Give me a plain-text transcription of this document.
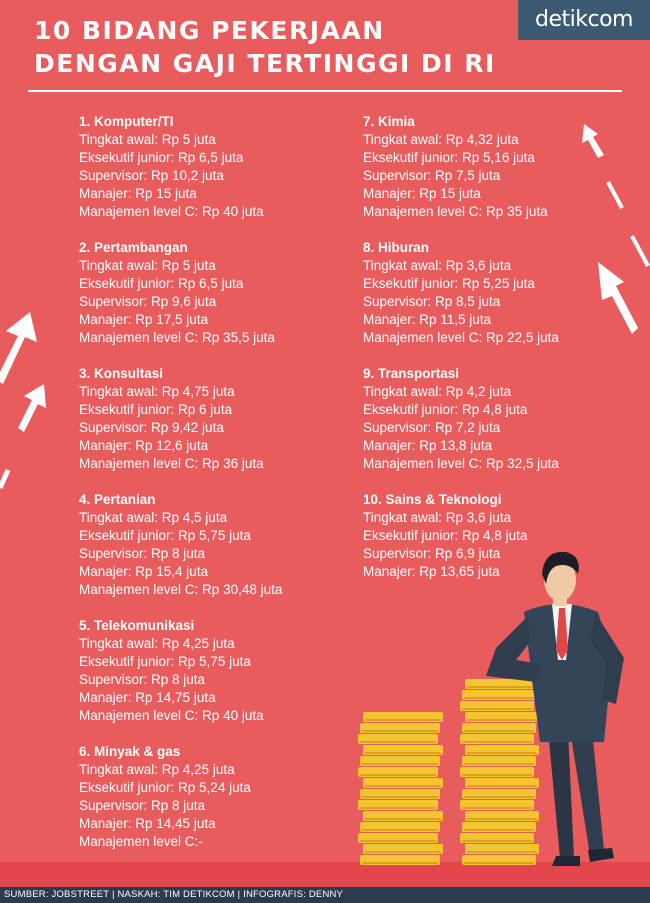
10 BIDANG PEKERJAAN
DENGAN GAJI TERTINGGI DI RI
detikcom
1. Komputer/TI
Tingkat awal: Rp 5 juta
Eksekutif junior: Rp 6,5 juta
Supervisor: Rp 10,2 juta
Manajer: Rp 15 juta
Manajemen level C: Rp 40 juta
2. Pertambangan
Tingkat awal: Rp 5 juta
Eksekutif junior: Rp 6,5 juta
Supervisor: Rp 9,6 juta
Manajer: Rp 17,5 juta
Manajemen level C: Rp 35,5 juta
3. Konsultasi
Tingkat awal: Rp 4,75 juta
Eksekutif junior: Rp 6 juta
Supervisor: Rp 9,42 juta
Manajer: Rp 12,6 juta
Manajemen level C: Rp 36 juta
4. Pertanian
Tingkat awal: Rp 4,5 juta
Eksekutif junior: Rp 5,75 juta
Supervisor: Rp 8 juta
Manajer: Rp 15,4 juta
Manajemen level C: Rp 30,48 juta
5. Telekomunikasi
Tingkat awal: Rp 4,25 juta
Eksekutif junior: Rp 5,75 juta
Supervisor: Rp 8 juta
Manajer: Rp 14,75 juta
Manajemen level C: Rp 40 juta
6. Minyak & gas
Tingkat awal: Rp 4,25 juta
Eksekutif junior: Rp 5,24 juta
Supervisor: Rp 8 juta
Manajer: Rp 14,45 juta
Manajemen level C:-
7. Kimia
Tingkat awal: Rp 4,32 juta
Eksekutif junior: Rp 5,16 juta
Supervisor: Rp 7,5 juta
Manajer: Rp 15 juta
Manajemen level C: Rp 35 juta
8. Hiburan
Tingkat awal: Rp 3,6 juta
Eksekutif junior: Rp 5,25 juta
Supervisor: Rp 8,5 juta
Manajer: Rp 11,5 juta
Manajemen level C: Rp 22,5 juta
9. Transportasi
Tingkat awal: Rp 4,2 juta
Eksekutif junior: Rp 4,8 juta
Supervisor: Rp 7,2 juta
Manajer: Rp 13,8 juta
Manajemen level C: Rp 32,5 juta
10. Sains & Teknologi
Tingkat awal: Rp 3,6 juta
Eksekutif junior: Rp 4,8 juta
Supervisor: Rp 6,9 juta
Manajer: Rp 13,65 juta
SUMBER: JOBSTREET | NASKAH: TIM DETIKCOM | INFOGRAFIS: DENNY
